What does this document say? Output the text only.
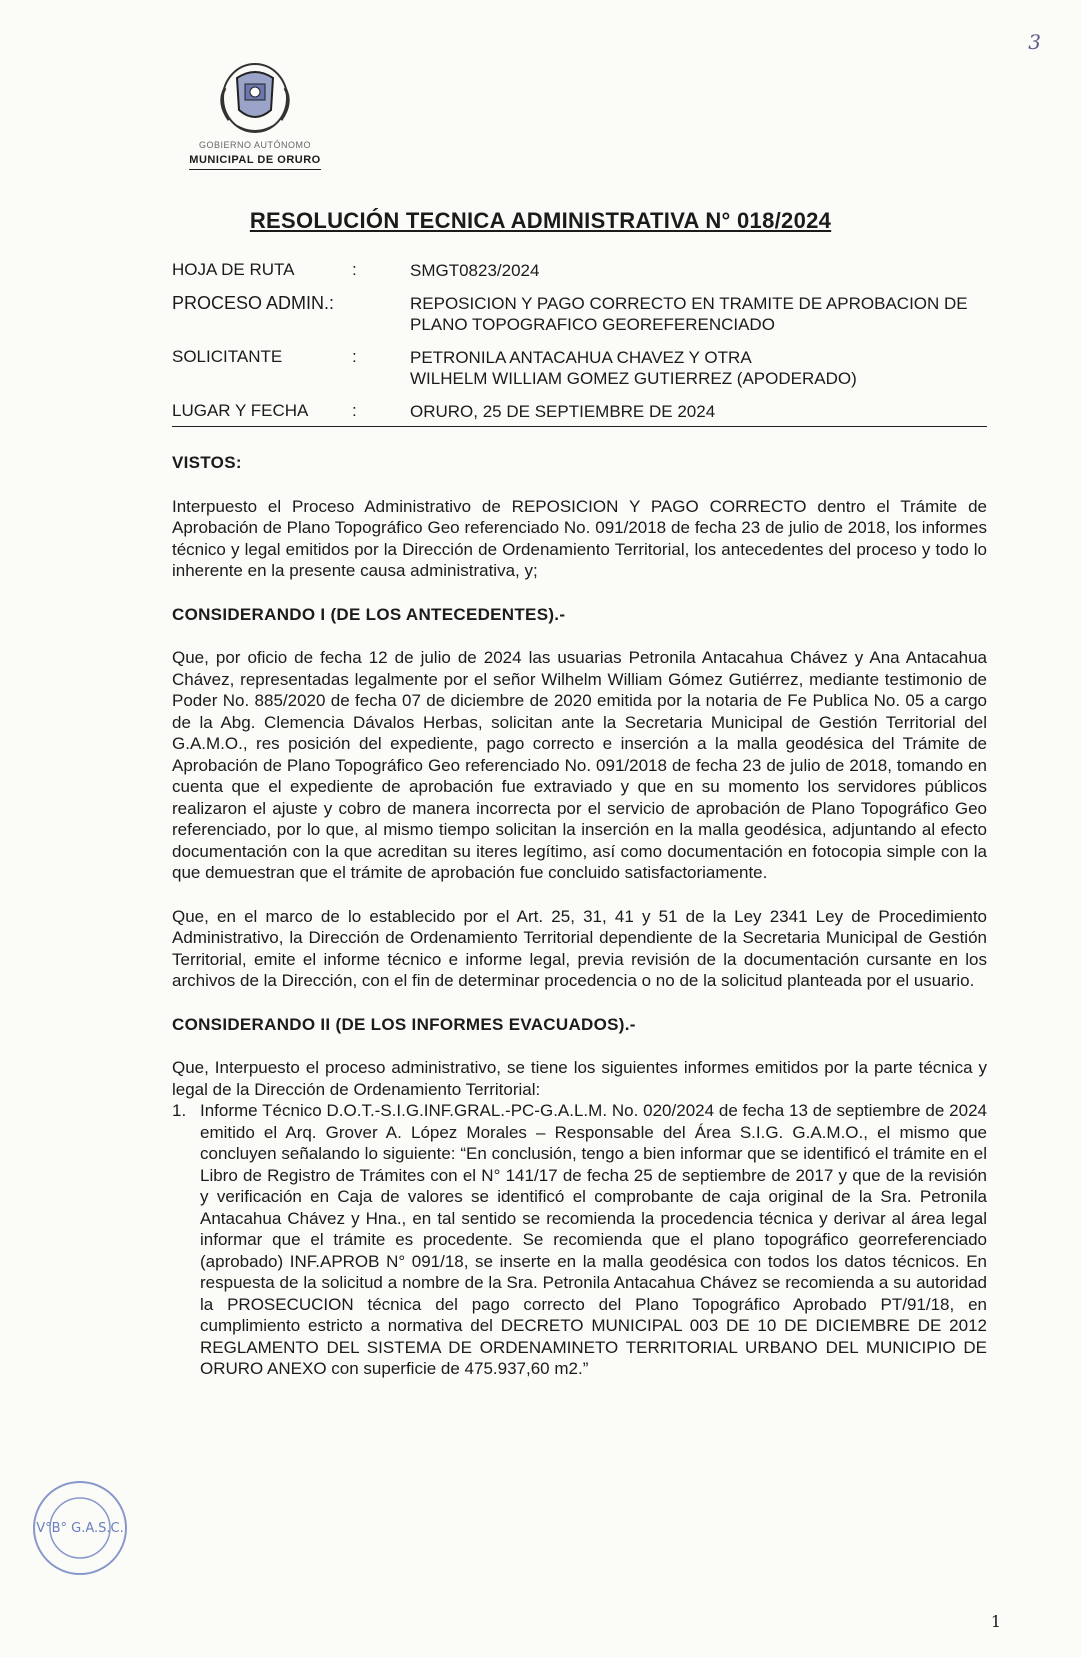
3
GOBIERNO AUTÓNOMO
MUNICIPAL DE ORURO
RESOLUCIÓN TECNICA ADMINISTRATIVA N° 018/2024
HOJA DE RUTA	:	SMGT0823/2024
PROCESO ADMIN.:	REPOSICION Y PAGO CORRECTO EN TRAMITE DE APROBACION DE PLANO TOPOGRAFICO GEOREFERENCIADO
SOLICITANTE	:	PETRONILA ANTACAHUA CHAVEZ Y OTRA
WILHELM WILLIAM GOMEZ GUTIERREZ (APODERADO)
LUGAR Y FECHA	:	ORURO, 25 DE SEPTIEMBRE DE 2024

VISTOS:

Interpuesto el Proceso Administrativo de REPOSICION Y PAGO CORRECTO dentro el Trámite de Aprobación de Plano Topográfico Geo referenciado No. 091/2018 de fecha 23 de julio de 2018, los informes técnico y legal emitidos por la Dirección de Ordenamiento Territorial, los antecedentes del proceso y todo lo inherente en la presente causa administrativa, y;

CONSIDERANDO I (DE LOS ANTECEDENTES).-

Que, por oficio de fecha 12 de julio de 2024 las usuarias Petronila Antacahua Chávez y Ana Antacahua Chávez, representadas legalmente por el señor Wilhelm William Gómez Gutiérrez, mediante testimonio de Poder No. 885/2020 de fecha 07 de diciembre de 2020 emitida por la notaria de Fe Publica No. 05 a cargo de la Abg. Clemencia Dávalos Herbas, solicitan ante la Secretaria Municipal de Gestión Territorial del G.A.M.O., res posición del expediente, pago correcto e inserción a la malla geodésica del Trámite de Aprobación de Plano Topográfico Geo referenciado No. 091/2018 de fecha 23 de julio de 2018, tomando en cuenta que el expediente de aprobación fue extraviado y que en su momento los servidores públicos realizaron el ajuste y cobro de manera incorrecta por el servicio de aprobación de Plano Topográfico Geo referenciado, por lo que, al mismo tiempo solicitan la inserción en la malla geodésica, adjuntando al efecto documentación con la que acreditan su iteres legítimo, así como documentación en fotocopia simple con la que demuestran que el trámite de aprobación fue concluido satisfactoriamente.

Que, en el marco de lo establecido por el Art. 25, 31, 41 y 51 de la Ley 2341 Ley de Procedimiento Administrativo, la Dirección de Ordenamiento Territorial dependiente de la Secretaria Municipal de Gestión Territorial, emite el informe técnico e informe legal, previa revisión de la documentación cursante en los archivos de la Dirección, con el fin de determinar procedencia o no de la solicitud planteada por el usuario.

CONSIDERANDO II (DE LOS INFORMES EVACUADOS).-

Que, Interpuesto el proceso administrativo, se tiene los siguientes informes emitidos por la parte técnica y legal de la Dirección de Ordenamiento Territorial:

1. Informe Técnico D.O.T.-S.I.G.INF.GRAL.-PC-G.A.L.M. No. 020/2024 de fecha 13 de septiembre de 2024 emitido el Arq. Grover A. López Morales – Responsable del Área S.I.G. G.A.M.O., el mismo que concluyen señalando lo siguiente: “En conclusión, tengo a bien informar que se identificó el trámite en el Libro de Registro de Trámites con el N° 141/17 de fecha 25 de septiembre de 2017 y que de la revisión y verificación en Caja de valores se identificó el comprobante de caja original de la Sra. Petronila Antacahua Chávez y Hna., en tal sentido se recomienda la procedencia técnica y derivar al área legal informar que el trámite es procedente. Se recomienda que el plano topográfico georreferenciado (aprobado) INF.APROB N° 091/18, se inserte en la malla geodésica con todos los datos técnicos. En respuesta de la solicitud a nombre de la Sra. Petronila Antacahua Chávez se recomienda a su autoridad la PROSECUCION técnica del pago correcto del Plano Topográfico Aprobado PT/91/18, en cumplimiento estricto a normativa del DECRETO MUNICIPAL 003 DE 10 DE DICIEMBRE DE 2012 REGLAMENTO DEL SISTEMA DE ORDENAMINETO TERRITORIAL URBANO DEL MUNICIPIO DE ORURO ANEXO con superficie de 475.937,60 m2.”
V°B° G.A.S.C.
1
